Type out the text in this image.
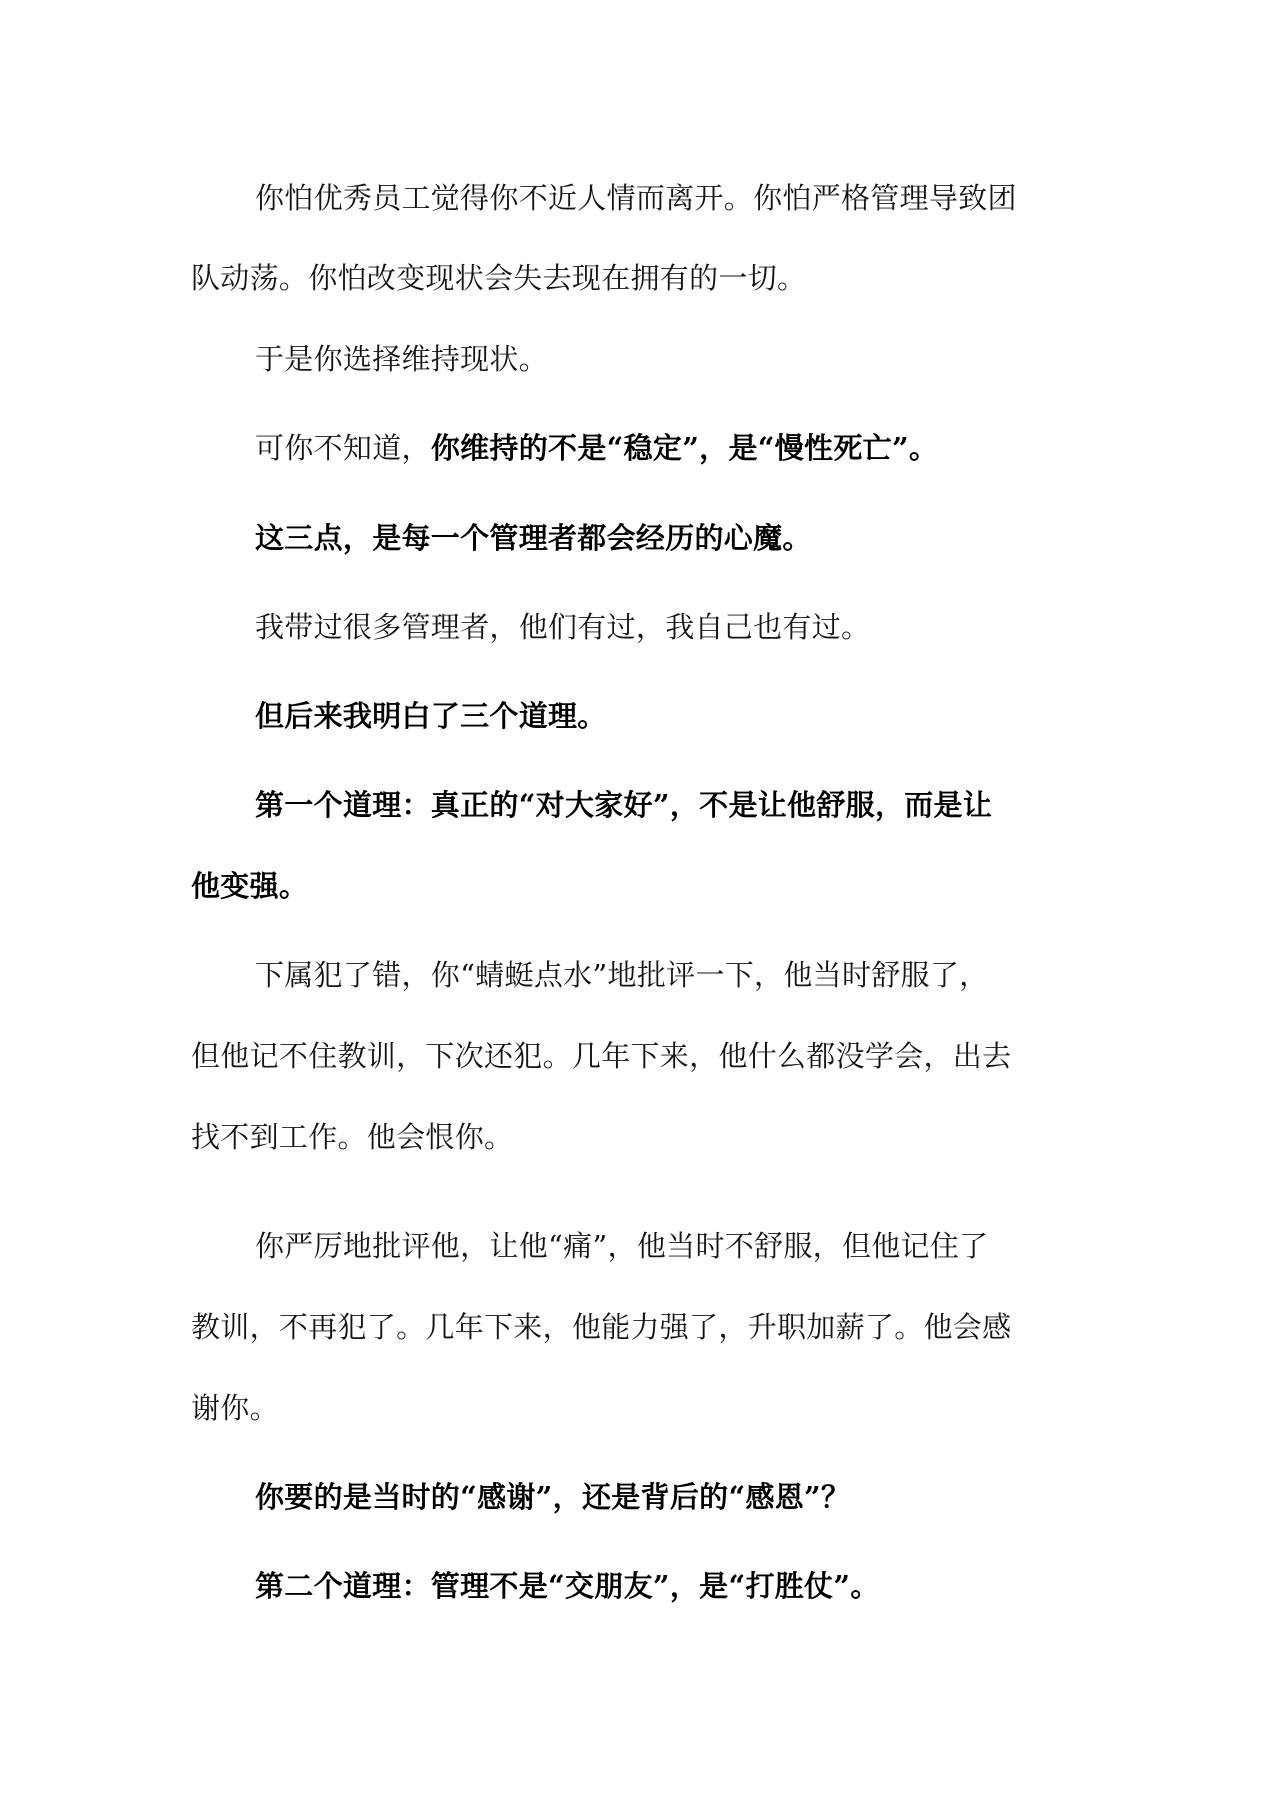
你怕优秀员工觉得你不近人情而离开。你怕严格管理导致团
队动荡。你怕改变现状会失去现在拥有的一切。
于是你选择维持现状。
可你不知道，你维持的不是“稳定”，是“慢性死亡”。
这三点，是每一个管理者都会经历的心魔。
我带过很多管理者，他们有过，我自己也有过。
但后来我明白了三个道理。
第一个道理：真正的“对大家好”，不是让他舒服，而是让
他变强。
下属犯了错，你“蜻蜓点水”地批评一下，他当时舒服了，
但他记不住教训，下次还犯。几年下来，他什么都没学会，出去
找不到工作。他会恨你。
你严厉地批评他，让他“痛”，他当时不舒服，但他记住了
教训，不再犯了。几年下来，他能力强了，升职加薪了。他会感
谢你。
你要的是当时的“感谢”，还是背后的“感恩”？
第二个道理：管理不是“交朋友”，是“打胜仗”。
